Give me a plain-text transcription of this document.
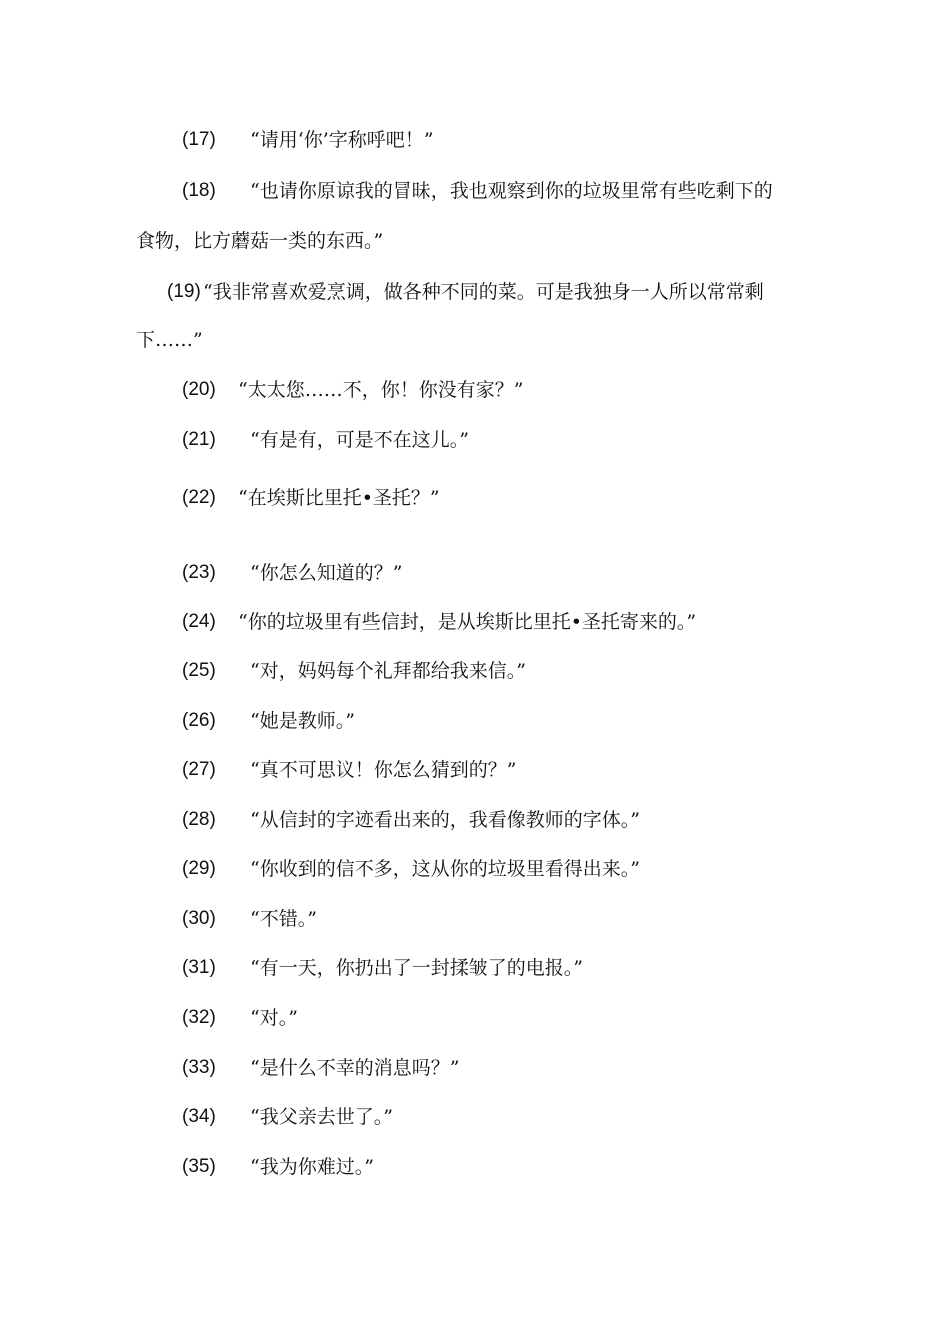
(17) “请用‘你’字称呼吧！”
(18) “也请你原谅我的冒昧，我也观察到你的垃圾里常有些吃剩下的
食物，比方蘑菇一类的东西。”
(19) “我非常喜欢爱烹调，做各种不同的菜。可是我独身一人所以常常剩
下……”
(20) “太太您……不，你！你没有家？”
(21) “有是有，可是不在这儿。”
(22) “在埃斯比里托•圣托？”
(23) “你怎么知道的？”
(24) “你的垃圾里有些信封，是从埃斯比里托•圣托寄来的。”
(25) “对，妈妈每个礼拜都给我来信。”
(26) “她是教师。”
(27) “真不可思议！你怎么猜到的？”
(28) “从信封的字迹看出来的，我看像教师的字体。”
(29) “你收到的信不多，这从你的垃圾里看得出来。”
(30) “不错。”
(31) “有一天，你扔出了一封揉皱了的电报。”
(32) “对。”
(33) “是什么不幸的消息吗？”
(34) “我父亲去世了。”
(35) “我为你难过。”
